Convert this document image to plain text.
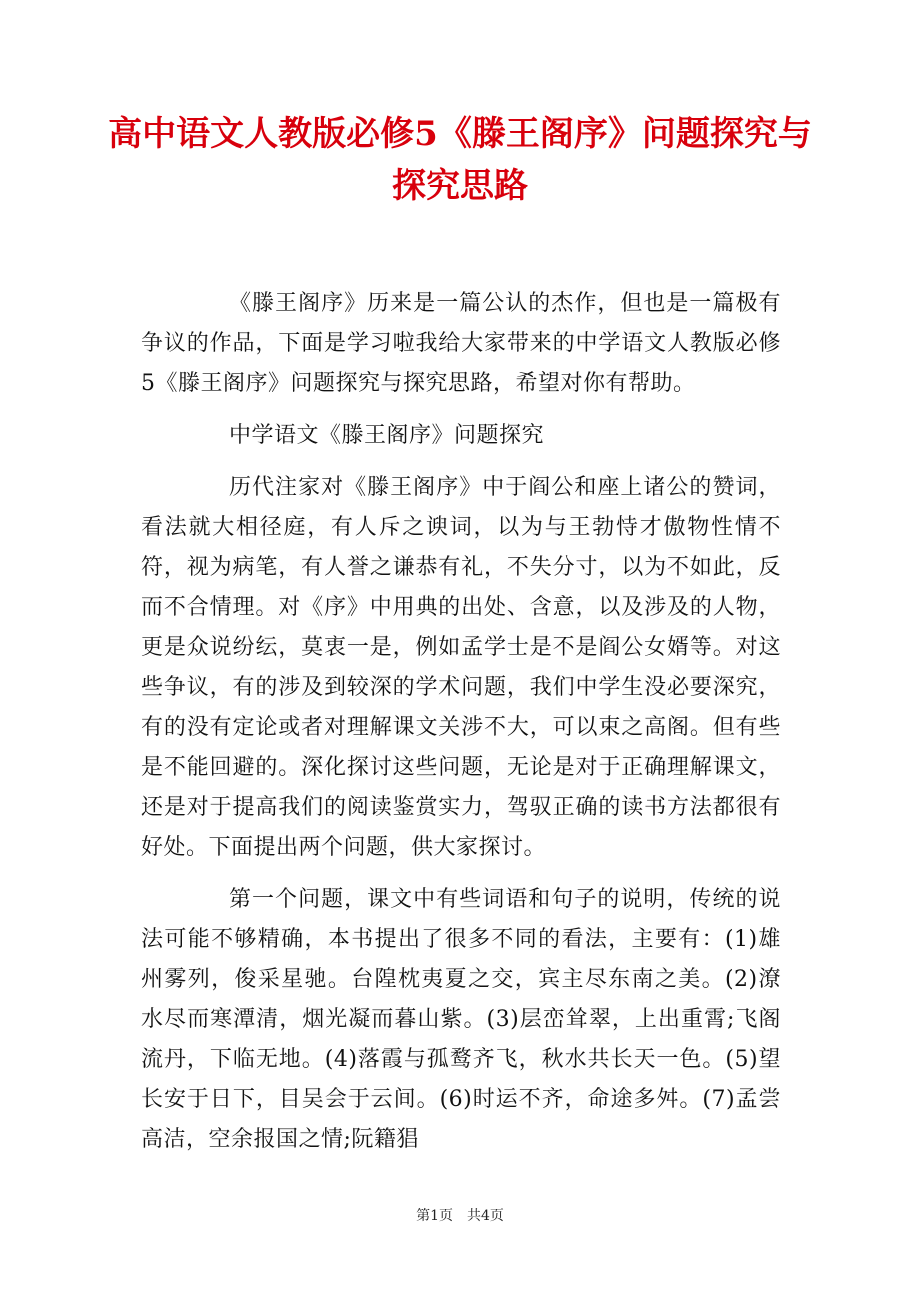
高中语文人教版必修5《滕王阁序》问题探究与探究思路

《滕王阁序》历来是一篇公认的杰作，但也是一篇极有争议的作品，下面是学习啦我给大家带来的中学语文人教版必修5《滕王阁序》问题探究与探究思路，希望对你有帮助。

中学语文《滕王阁序》问题探究

历代注家对《滕王阁序》中于阎公和座上诸公的赞词，看法就大相径庭，有人斥之谀词，以为与王勃恃才傲物性情不符，视为病笔，有人誉之谦恭有礼，不失分寸，以为不如此，反而不合情理。对《序》中用典的出处、含意，以及涉及的人物，更是众说纷纭，莫衷一是，例如孟学士是不是阎公女婿等。对这些争议，有的涉及到较深的学术问题，我们中学生没必要深究，有的没有定论或者对理解课文关涉不大，可以束之高阁。但有些是不能回避的。深化探讨这些问题，无论是对于正确理解课文，还是对于提高我们的阅读鉴赏实力，驾驭正确的读书方法都很有好处。下面提出两个问题，供大家探讨。

第一个问题，课文中有些词语和句子的说明，传统的说法可能不够精确，本书提出了很多不同的看法，主要有：(1)雄州雾列，俊采星驰。台隍枕夷夏之交，宾主尽东南之美。(2)潦水尽而寒潭清，烟光凝而暮山紫。(3)层峦耸翠，上出重霄;飞阁流丹，下临无地。(4)落霞与孤鹜齐飞，秋水共长天一色。(5)望长安于日下，目吴会于云间。(6)时运不齐，命途多舛。(7)孟尝高洁，空余报国之情;阮籍猖

第1页 共4页
